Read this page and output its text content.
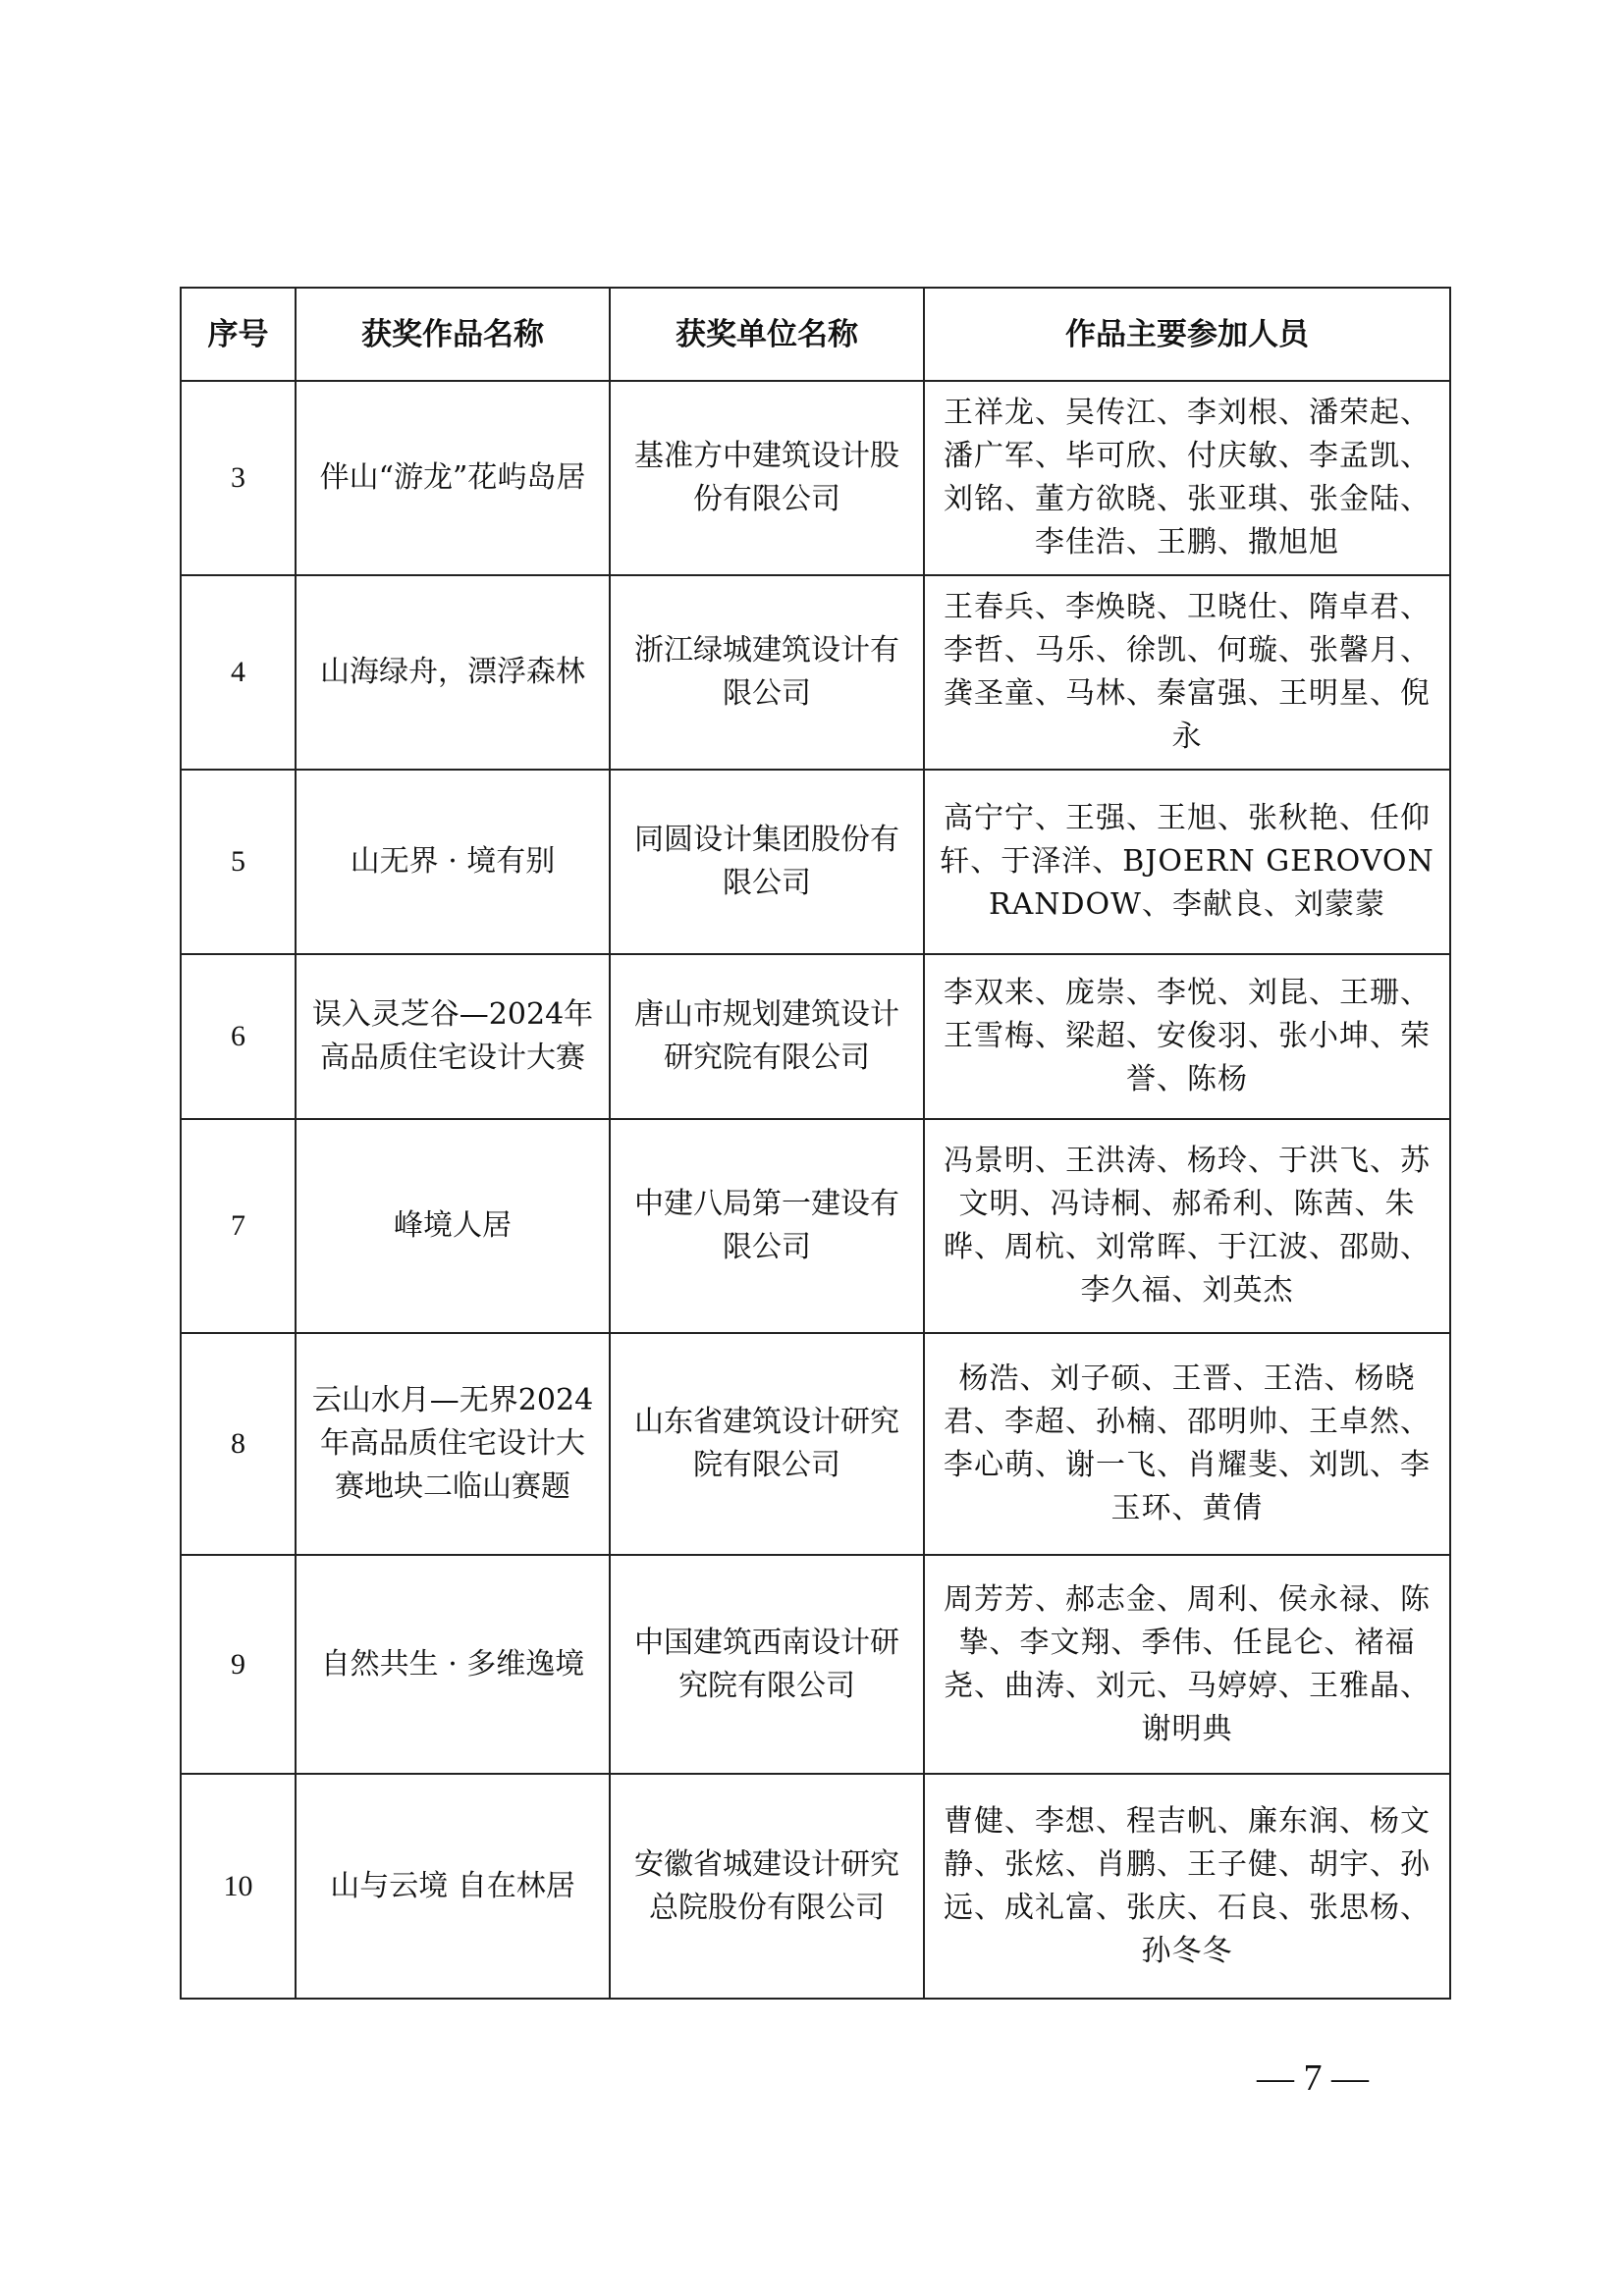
序号	获奖作品名称	获奖单位名称	作品主要参加人员
3	伴山“游龙”花屿岛居	基准方中建筑设计股份有限公司	王祥龙、吴传江、李刘根、潘荣起、潘广军、毕可欣、付庆敏、李孟凯、刘铭、董方欲晓、张亚琪、张金陆、李佳浩、王鹏、撒旭旭
4	山海绿舟，漂浮森林	浙江绿城建筑设计有限公司	王春兵、李焕晓、卫晓仕、隋卓君、李哲、马乐、徐凯、何璇、张馨月、龚圣童、马林、秦富强、王明星、倪永
5	山无界 · 境有别	同圆设计集团股份有限公司	高宁宁、王强、王旭、张秋艳、任仰轩、于泽洋、BJOERN GEROVON RANDOW、李献良、刘蒙蒙
6	误入灵芝谷—2024年高品质住宅设计大赛	唐山市规划建筑设计研究院有限公司	李双来、庞崇、李悦、刘昆、王珊、王雪梅、梁超、安俊羽、张小坤、荣誉、陈杨
7	峰境人居	中建八局第一建设有限公司	冯景明、王洪涛、杨玲、于洪飞、苏文明、冯诗桐、郝希利、陈茜、朱晔、周杭、刘常晖、于江波、邵勋、李久福、刘英杰
8	云山水月—无界2024年高品质住宅设计大赛地块二临山赛题	山东省建筑设计研究院有限公司	杨浩、刘子硕、王晋、王浩、杨晓君、李超、孙楠、邵明帅、王卓然、李心萌、谢一飞、肖耀斐、刘凯、李玉环、黄倩
9	自然共生 · 多维逸境	中国建筑西南设计研究院有限公司	周芳芳、郝志金、周利、侯永禄、陈挚、李文翔、季伟、任昆仑、褚福尧、曲涛、刘元、马婷婷、王雅晶、谢明典
10	山与云境 自在林居	安徽省城建设计研究总院股份有限公司	曹健、李想、程吉帆、廉东润、杨文静、张炫、肖鹏、王子健、胡宇、孙远、成礼富、张庆、石良、张思杨、孙冬冬
— 7 —
